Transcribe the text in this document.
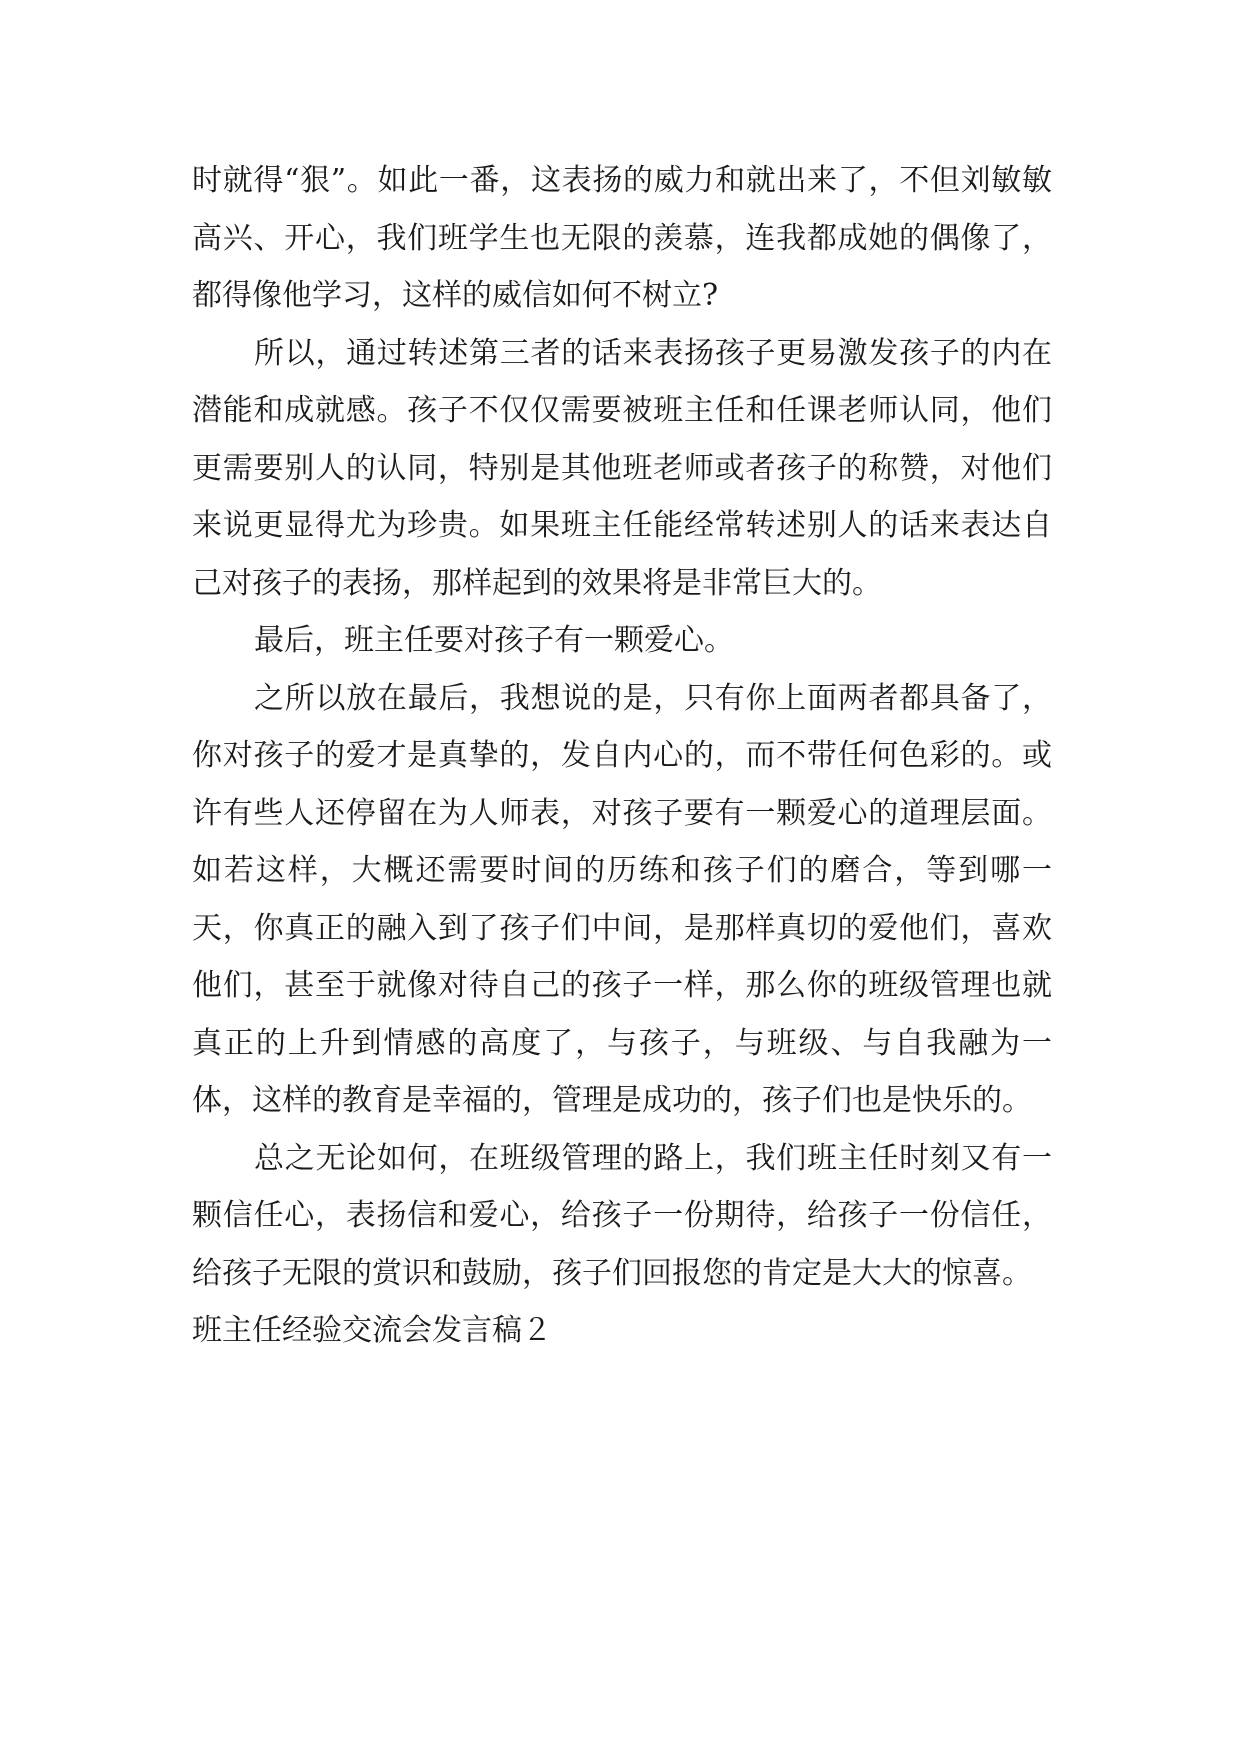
时就得“狠”。如此一番，这表扬的威力和就出来了，不但刘敏敏高兴、开心，我们班学生也无限的羡慕，连我都成她的偶像了，都得像他学习，这样的威信如何不树立?

所以，通过转述第三者的话来表扬孩子更易激发孩子的内在潜能和成就感。孩子不仅仅需要被班主任和任课老师认同，他们更需要别人的认同，特别是其他班老师或者孩子的称赞，对他们来说更显得尤为珍贵。如果班主任能经常转述别人的话来表达自己对孩子的表扬，那样起到的效果将是非常巨大的。

最后，班主任要对孩子有一颗爱心。

之所以放在最后，我想说的是，只有你上面两者都具备了，你对孩子的爱才是真挚的，发自内心的，而不带任何色彩的。或许有些人还停留在为人师表，对孩子要有一颗爱心的道理层面。如若这样，大概还需要时间的历练和孩子们的磨合，等到哪一天，你真正的融入到了孩子们中间，是那样真切的爱他们，喜欢他们，甚至于就像对待自己的孩子一样，那么你的班级管理也就真正的上升到情感的高度了，与孩子，与班级、与自我融为一体，这样的教育是幸福的，管理是成功的，孩子们也是快乐的。

总之无论如何，在班级管理的路上，我们班主任时刻又有一颗信任心，表扬信和爱心，给孩子一份期待，给孩子一份信任，给孩子无限的赏识和鼓励，孩子们回报您的肯定是大大的惊喜。

班主任经验交流会发言稿２
